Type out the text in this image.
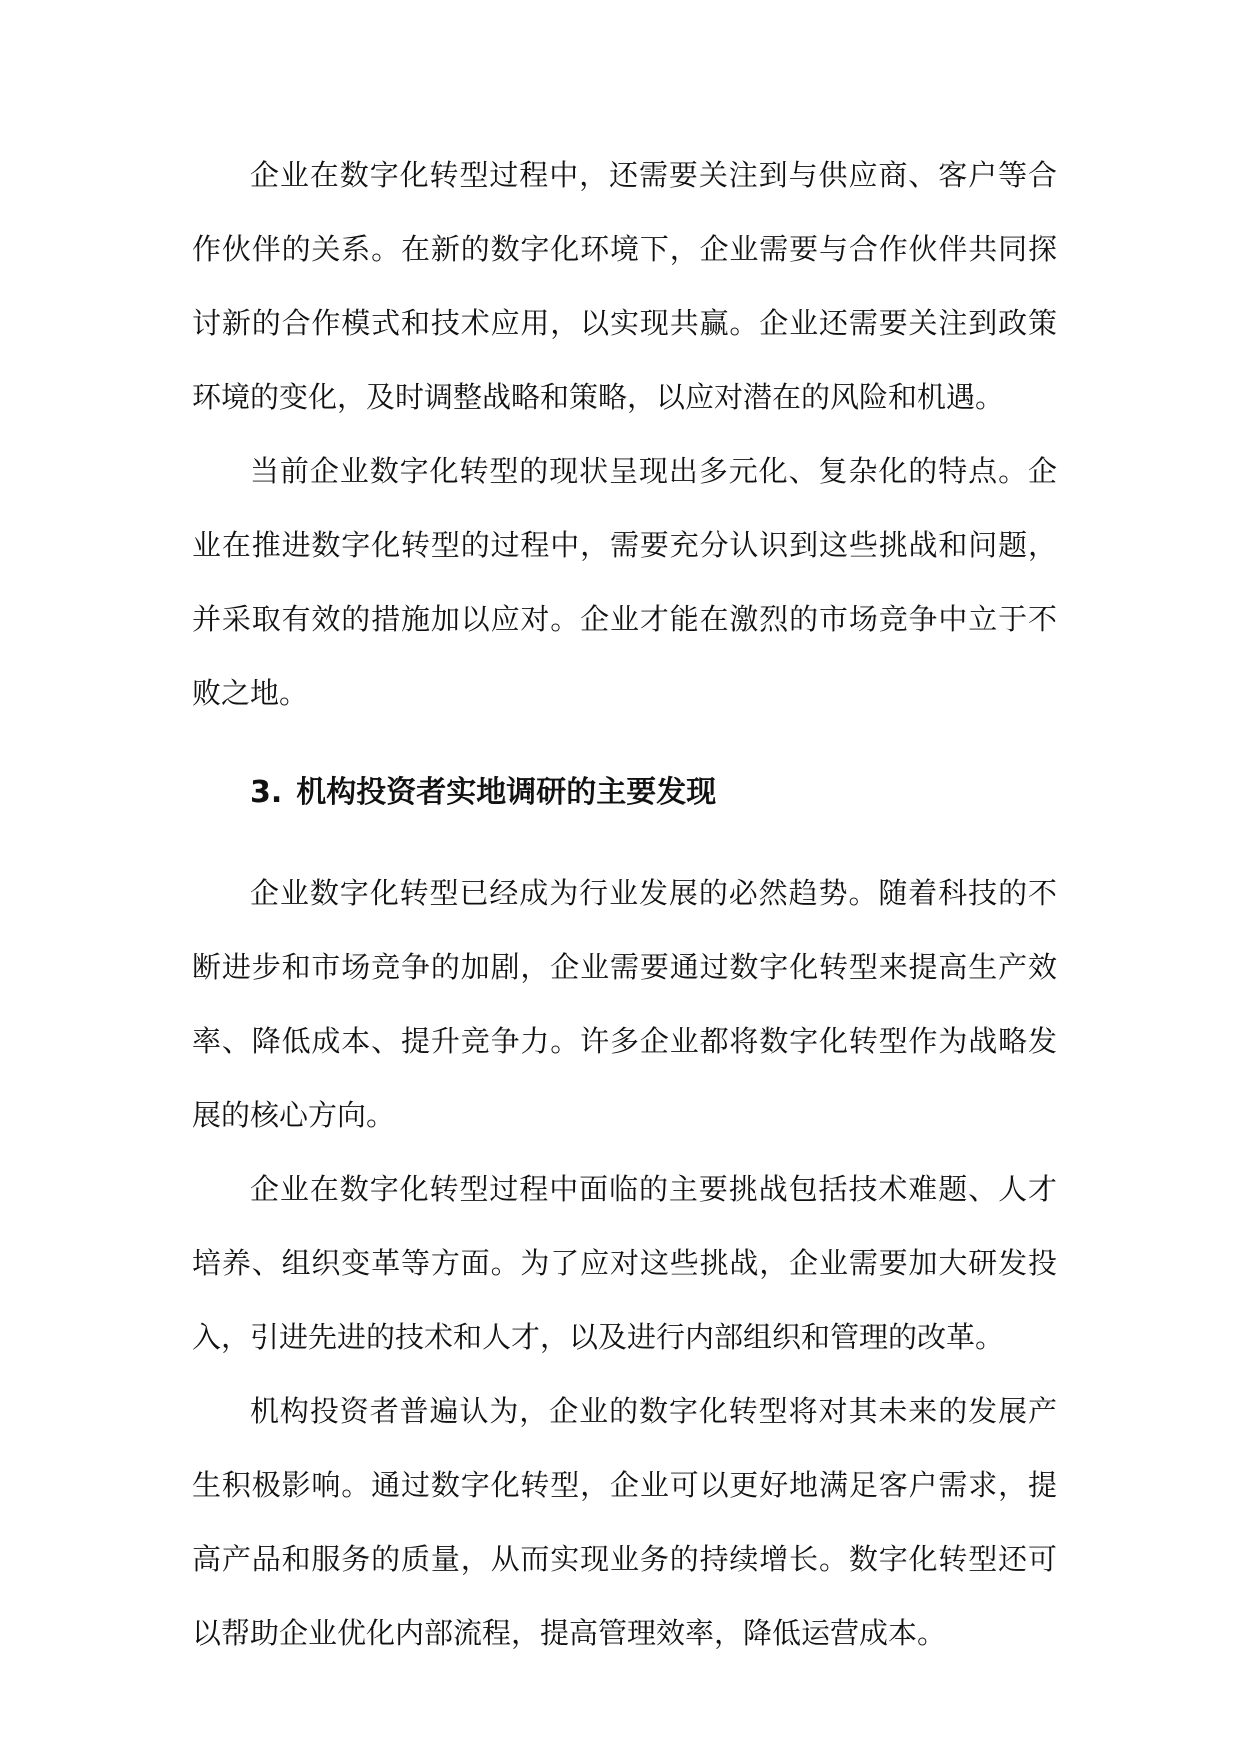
企业在数字化转型过程中，还需要关注到与供应商、客户等合作伙伴的关系。在新的数字化环境下，企业需要与合作伙伴共同探讨新的合作模式和技术应用，以实现共赢。企业还需要关注到政策环境的变化，及时调整战略和策略，以应对潜在的风险和机遇。

当前企业数字化转型的现状呈现出多元化、复杂化的特点。企业在推进数字化转型的过程中，需要充分认识到这些挑战和问题，并采取有效的措施加以应对。企业才能在激烈的市场竞争中立于不败之地。

3. 机构投资者实地调研的主要发现

企业数字化转型已经成为行业发展的必然趋势。随着科技的不断进步和市场竞争的加剧，企业需要通过数字化转型来提高生产效率、降低成本、提升竞争力。许多企业都将数字化转型作为战略发展的核心方向。

企业在数字化转型过程中面临的主要挑战包括技术难题、人才培养、组织变革等方面。为了应对这些挑战，企业需要加大研发投入，引进先进的技术和人才，以及进行内部组织和管理的改革。

机构投资者普遍认为，企业的数字化转型将对其未来的发展产生积极影响。通过数字化转型，企业可以更好地满足客户需求，提高产品和服务的质量，从而实现业务的持续增长。数字化转型还可以帮助企业优化内部流程，提高管理效率，降低运营成本。
